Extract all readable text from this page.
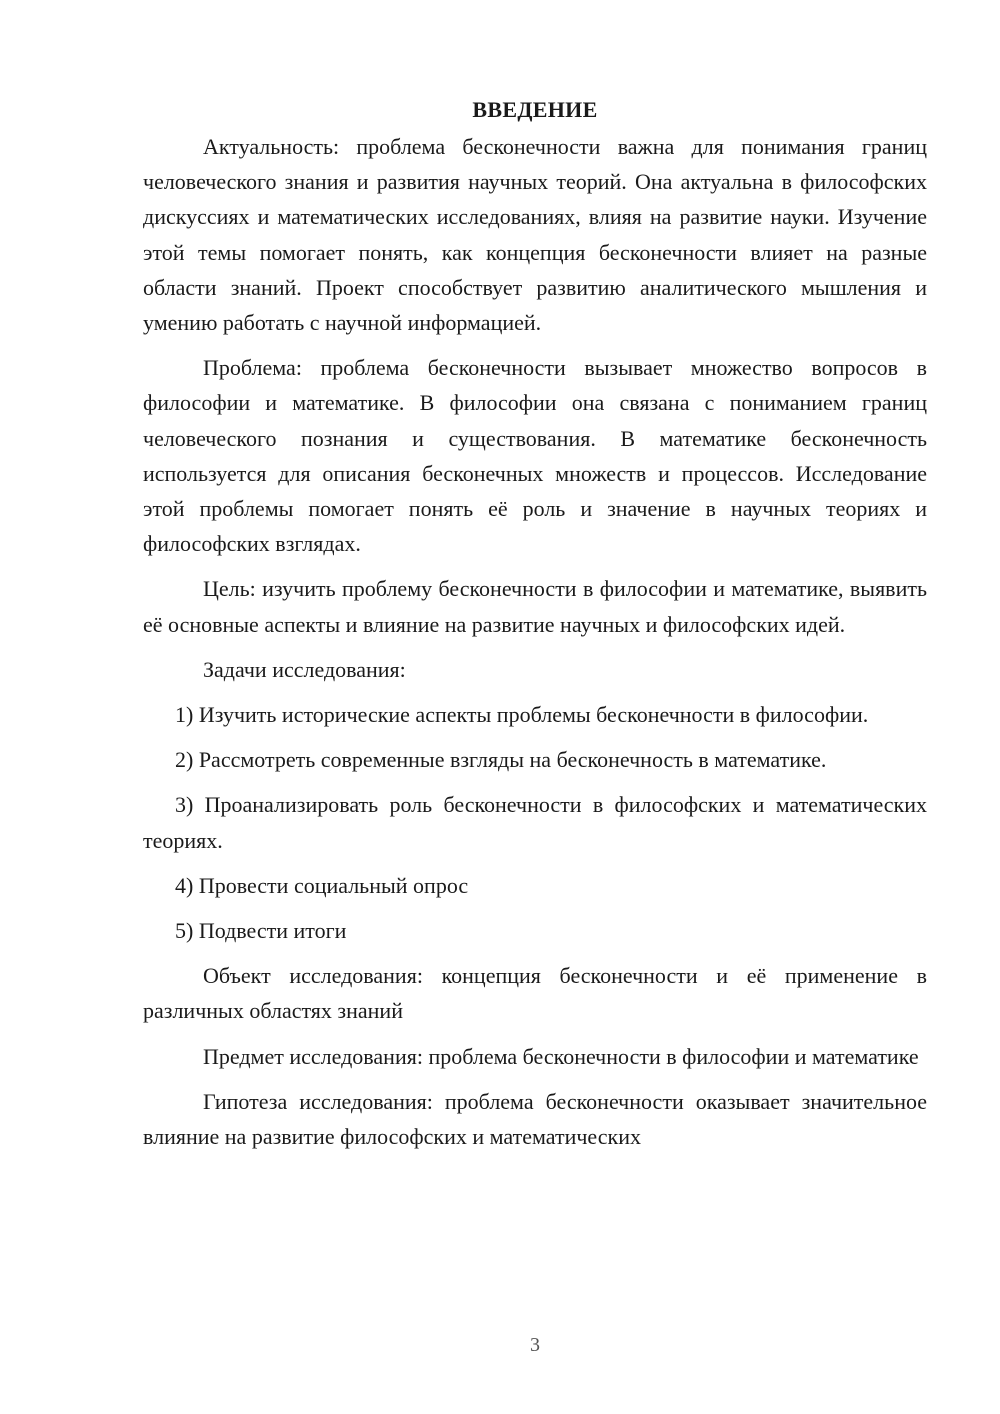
ВВЕДЕНИЕ

Актуальность: проблема бесконечности важна для понимания границ человеческого знания и развития научных теорий. Она актуальна в философских дискуссиях и математических исследованиях, влияя на развитие науки. Изучение этой темы помогает понять, как концепция бесконечности влияет на разные области знаний. Проект способствует развитию аналитического мышления и умению работать с научной информацией.

Проблема: проблема бесконечности вызывает множество вопросов в философии и математике. В философии она связана с пониманием границ человеческого познания и существования. В математике бесконечность используется для описания бесконечных множеств и процессов. Исследование этой проблемы помогает понять её роль и значение в научных теориях и философских взглядах.

Цель: изучить проблему бесконечности в философии и математике, выявить её основные аспекты и влияние на развитие научных и философских идей.

Задачи исследования:

1) Изучить исторические аспекты проблемы бесконечности в философии.

2) Рассмотреть современные взгляды на бесконечность в математике.

3) Проанализировать роль бесконечности в философских и математических теориях.

4) Провести социальный опрос

5) Подвести итоги

Объект исследования: концепция бесконечности и её применение в различных областях знаний

Предмет исследования: проблема бесконечности в философии и математике

Гипотеза исследования: проблема бесконечности оказывает значительное влияние на развитие философских и математических

3
